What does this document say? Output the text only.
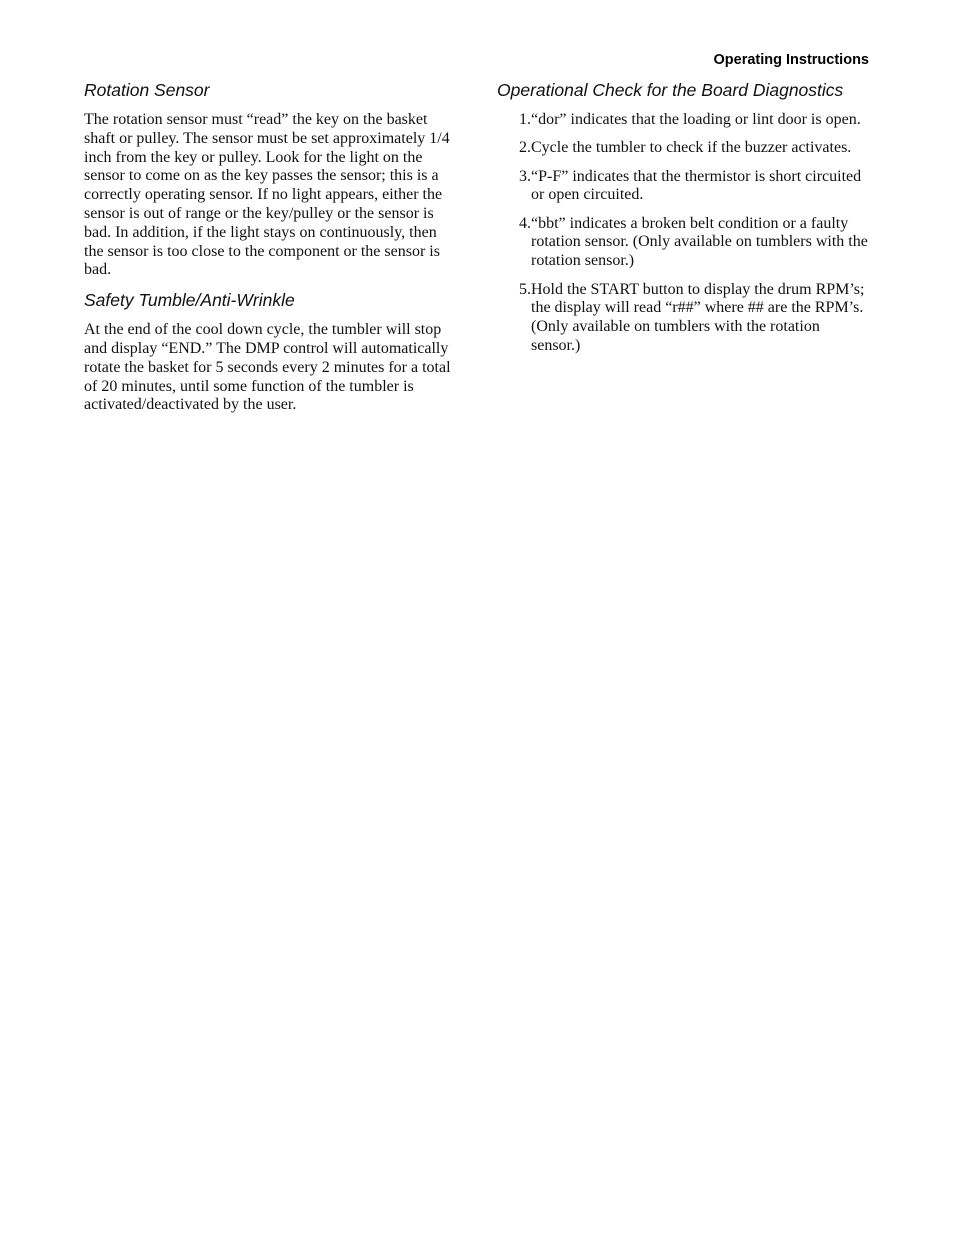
Operating Instructions
Rotation Sensor

The rotation sensor must “read” the key on the basket shaft or pulley. The sensor must be set approximately 1/4 inch from the key or pulley. Look for the light on the sensor to come on as the key passes the sensor; this is a correctly operating sensor. If no light appears, either the sensor is out of range or the key/pulley or the sensor is bad. In addition, if the light stays on continuously, then the sensor is too close to the component or the sensor is bad.

Safety Tumble/Anti-Wrinkle

At the end of the cool down cycle, the tumbler will stop and display “END.” The DMP control will automatically rotate the basket for 5 seconds every 2 minutes for a total of 20 minutes, until some function of the tumbler is activated/deactivated by the user.

Operational Check for the Board Diagnostics
1. “dor” indicates that the loading or lint door is open.
2. Cycle the tumbler to check if the buzzer activates.
3. “P-F” indicates that the thermistor is short circuited or open circuited.
4. “bbt” indicates a broken belt condition or a faulty rotation sensor. (Only available on tumblers with the rotation sensor.)
5. Hold the START button to display the drum RPM’s; the display will read “r##” where ## are the RPM’s. (Only available on tumblers with the rotation sensor.)
